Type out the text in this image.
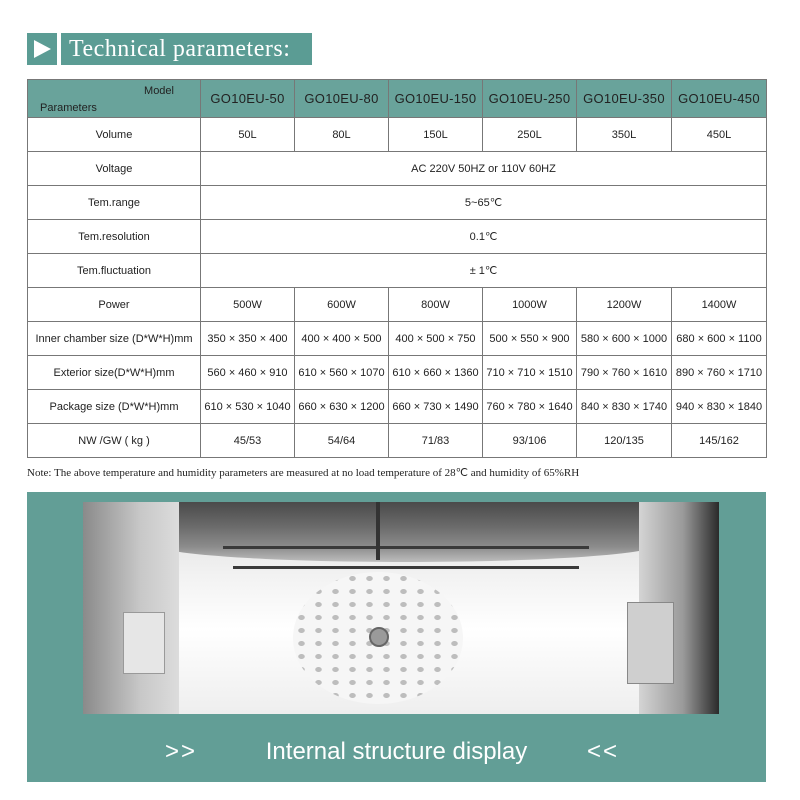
Technical parameters:
Model
Parameters	GO10EU-50	GO10EU-80	GO10EU-150	GO10EU-250	GO10EU-350	GO10EU-450
Volume	50L	80L	150L	250L	350L	450L
Voltage	AC 220V 50HZ or 110V 60HZ					
Tem.range	5~65℃					
Tem.resolution	0.1℃					
Tem.fluctuation	± 1℃					
Power	500W	600W	800W	1000W	1200W	1400W
Inner chamber size (D*W*H)mm	350 × 350 × 400	400 × 400 × 500	400 × 500 × 750	500 × 550 × 900	580 × 600 × 1000	680 × 600 × 1100
Exterior size(D*W*H)mm	560 × 460 × 910	610 × 560 × 1070	610 × 660 × 1360	710 × 710 × 1510	790 × 760 × 1610	890 × 760 × 1710
Package size (D*W*H)mm	610 × 530 × 1040	660 × 630 × 1200	660 × 730 × 1490	760 × 780 × 1640	840 × 830 × 1740	940 × 830 × 1840
NW /GW ( kg )	45/53	54/64	71/83	93/106	120/135	145/162
Note: The above temperature and humidity parameters are measured at no load temperature of 28℃ and humidity of 65%RH
Internal structure display
>>	<<
